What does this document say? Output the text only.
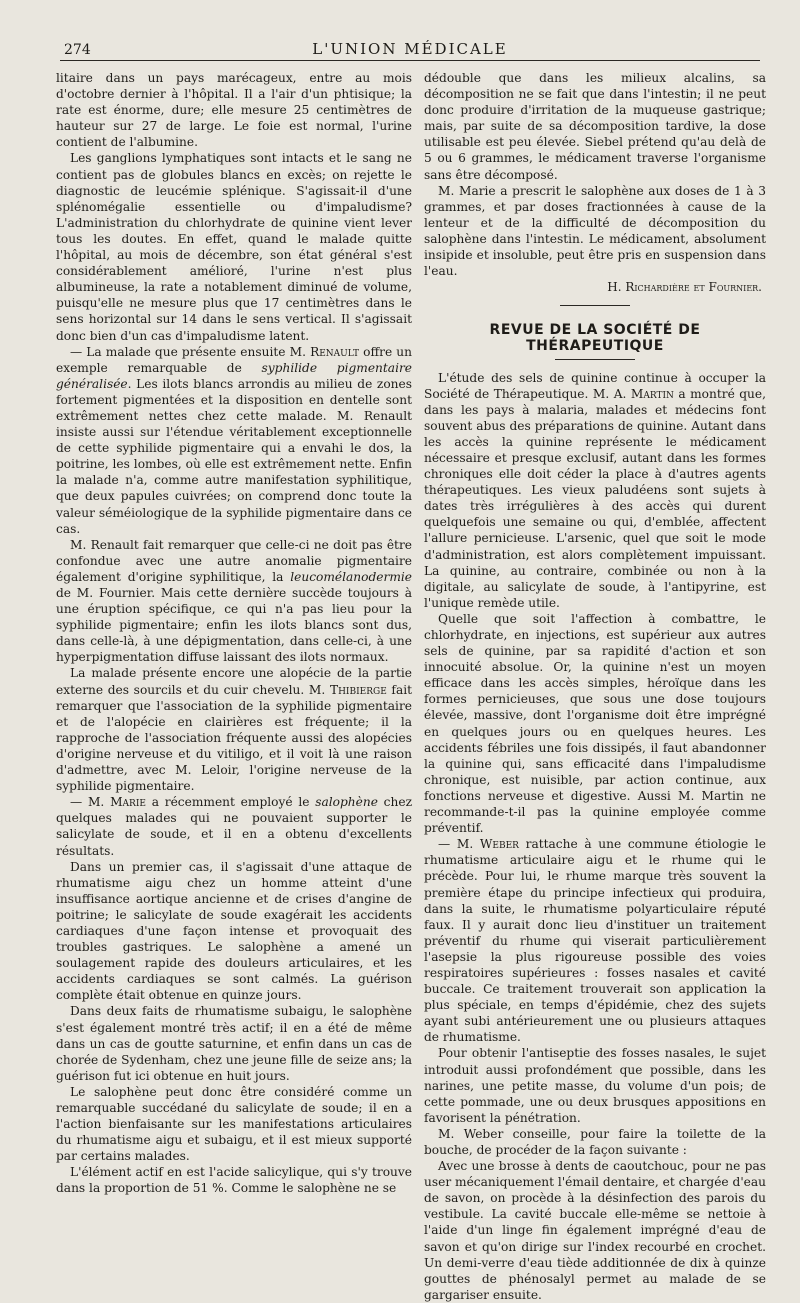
274	L'UNION MÉDICALE

litaire dans un pays marécageux, entre au mois d'octobre dernier à l'hôpital. Il a l'air d'un phtisique; la rate est énorme, dure; elle mesure 25 centimètres de hauteur sur 27 de large. Le foie est normal, l'urine contient de l'albumine.

Les ganglions lymphatiques sont intacts et le sang ne contient pas de globules blancs en excès; on rejette le diagnostic de leucémie splénique. S'agissait-il d'une splénomégalie essentielle ou d'impaludisme? L'administration du chlorhydrate de quinine vient lever tous les doutes. En effet, quand le malade quitte l'hôpital, au mois de décembre, son état général s'est considérablement amélioré, l'urine n'est plus albumineuse, la rate a notablement diminué de volume, puisqu'elle ne mesure plus que 17 centimètres dans le sens horizontal sur 14 dans le sens vertical. Il s'agissait donc bien d'un cas d'impaludisme latent.

— La malade que présente ensuite M. Renault offre un exemple remarquable de syphilide pigmentaire généralisée. Les ilots blancs arrondis au milieu de zones fortement pigmentées et la disposition en dentelle sont extrêmement nettes chez cette malade. M. Renault insiste aussi sur l'étendue véritablement exceptionnelle de cette syphilide pigmentaire qui a envahi le dos, la poitrine, les lombes, où elle est extrêmement nette. Enfin la malade n'a, comme autre manifestation syphilitique, que deux papules cuivrées; on comprend donc toute la valeur séméiologique de la syphilide pigmentaire dans ce cas.

M. Renault fait remarquer que celle-ci ne doit pas être confondue avec une autre anomalie pigmentaire également d'origine syphilitique, la leucomélanodermie de M. Fournier. Mais cette dernière succède toujours à une éruption spécifique, ce qui n'a pas lieu pour la syphilide pigmentaire; enfin les ilots blancs sont dus, dans celle-là, à une dépigmentation, dans celle-ci, à une hyperpigmentation diffuse laissant des ilots normaux.

La malade présente encore une alopécie de la partie externe des sourcils et du cuir chevelu. M. Thibierge fait remarquer que l'association de la syphilide pigmentaire et de l'alopécie en clairières est fréquente; il la rapproche de l'association fréquente aussi des alopécies d'origine nerveuse et du vitiligo, et il voit là une raison d'admettre, avec M. Leloir, l'origine nerveuse de la syphilide pigmentaire.

— M. Marie a récemment employé le salophène chez quelques malades qui ne pouvaient supporter le salicylate de soude, et il en a obtenu d'excellents résultats.

Dans un premier cas, il s'agissait d'une attaque de rhumatisme aigu chez un homme atteint d'une insuffisance aortique ancienne et de crises d'angine de poitrine; le salicylate de soude exagérait les accidents cardiaques d'une façon intense et provoquait des troubles gastriques. Le salophène a amené un soulagement rapide des douleurs articulaires, et les accidents cardiaques se sont calmés. La guérison complète était obtenue en quinze jours.

Dans deux faits de rhumatisme subaigu, le salophène s'est également montré très actif; il en a été de même dans un cas de goutte saturnine, et enfin dans un cas de chorée de Sydenham, chez une jeune fille de seize ans; la guérison fut ici obtenue en huit jours.

Le salophène peut donc être considéré comme un remarquable succédané du salicylate de soude; il en a l'action bienfaisante sur les manifestations articulaires du rhumatisme aigu et subaigu, et il est mieux supporté par certains malades.

L'élément actif en est l'acide salicylique, qui s'y trouve dans la proportion de 51 %. Comme le salophène ne se

dédouble que dans les milieux alcalins, sa décomposition ne se fait que dans l'intestin; il ne peut donc produire d'irritation de la muqueuse gastrique; mais, par suite de sa décomposition tardive, la dose utilisable est peu élevée. Siebel prétend qu'au delà de 5 ou 6 grammes, le médicament traverse l'organisme sans être décomposé.

M. Marie a prescrit le salophène aux doses de 1 à 3 grammes, et par doses fractionnées à cause de la lenteur et de la difficulté de décomposition du salophène dans l'intestin. Le médicament, absolument insipide et insoluble, peut être pris en suspension dans l'eau.

H. Richardière et Fournier.

REVUE DE LA SOCIÉTÉ DE THÉRAPEUTIQUE

L'étude des sels de quinine continue à occuper la Société de Thérapeutique. M. A. Martin a montré que, dans les pays à malaria, malades et médecins font souvent abus des préparations de quinine. Autant dans les accès la quinine représente le médicament nécessaire et presque exclusif, autant dans les formes chroniques elle doit céder la place à d'autres agents thérapeutiques. Les vieux paludéens sont sujets à dates très irrégulières à des accès qui durent quelquefois une semaine ou qui, d'emblée, affectent l'allure pernicieuse. L'arsenic, quel que soit le mode d'administration, est alors complètement impuissant. La quinine, au contraire, combinée ou non à la digitale, au salicylate de soude, à l'antipyrine, est l'unique remède utile.

Quelle que soit l'affection à combattre, le chlorhydrate, en injections, est supérieur aux autres sels de quinine, par sa rapidité d'action et son innocuité absolue. Or, la quinine n'est un moyen efficace dans les accès simples, héroïque dans les formes pernicieuses, que sous une dose toujours élevée, massive, dont l'organisme doit être imprégné en quelques jours ou en quelques heures. Les accidents fébriles une fois dissipés, il faut abandonner la quinine qui, sans efficacité dans l'impaludisme chronique, est nuisible, par action continue, aux fonctions nerveuse et digestive. Aussi M. Martin ne recommande-t-il pas la quinine employée comme préventif.

— M. Weber rattache à une commune étiologie le rhumatisme articulaire aigu et le rhume qui le précède. Pour lui, le rhume marque très souvent la première étape du principe infectieux qui produira, dans la suite, le rhumatisme polyarticulaire réputé faux. Il y aurait donc lieu d'instituer un traitement préventif du rhume qui viserait particulièrement l'asepsie la plus rigoureuse possible des voies respiratoires supérieures : fosses nasales et cavité buccale. Ce traitement trouverait son application la plus spéciale, en temps d'épidémie, chez des sujets ayant subi antérieurement une ou plusieurs attaques de rhumatisme.

Pour obtenir l'antiseptie des fosses nasales, le sujet introduit aussi profondément que possible, dans les narines, une petite masse, du volume d'un pois; de cette pommade, une ou deux brusques appositions en favorisent la pénétration.

M. Weber conseille, pour faire la toilette de la bouche, de procéder de la façon suivante :

Avec une brosse à dents de caoutchouc, pour ne pas user mécaniquement l'émail dentaire, et chargée d'eau de savon, on procède à la désinfection des parois du vestibule. La cavité buccale elle-même se nettoie à l'aide d'un linge fin également imprégné d'eau de savon et qu'on dirige sur l'index recourbé en crochet. Un demi-verre d'eau tiède additionnée de dix à quinze gouttes de phénosalyl permet au malade de se gargariser ensuite.
